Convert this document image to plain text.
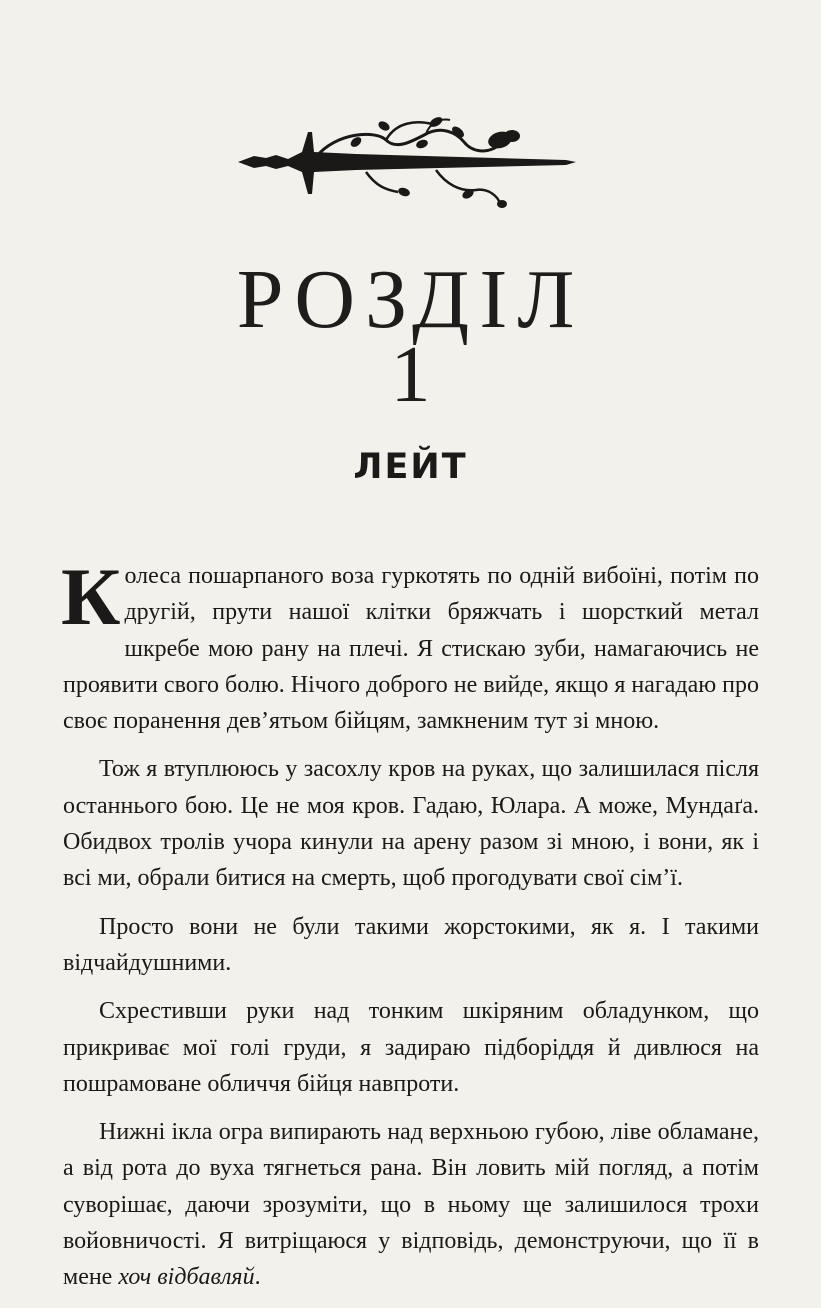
РОЗДІЛ
1
ЛЕЙТ

Колеса пошарпаного воза гуркотять по одній вибоїні, потім по другій, прути нашої клітки бряжчать і шорсткий метал шкребе мою рану на плечі. Я стискаю зуби, намагаючись не проявити свого болю. Нічого доброго не вийде, якщо я нагадаю про своє поранення дев’ятьом бійцям, замкненим тут зі мною.

Тож я втуплююсь у засохлу кров на руках, що залишилася після останнього бою. Це не моя кров. Гадаю, Юлара. А може, Мундаґа. Обидвох тролів учора кинули на арену разом зі мною, і вони, як і всі ми, обрали битися на смерть, щоб прогодувати свої сім’ї.

Просто вони не були такими жорстокими, як я. І такими відчайдушними.

Схрестивши руки над тонким шкіряним обладунком, що прикриває мої голі груди, я задираю підборіддя й дивлюся на пошрамоване обличчя бійця навпроти.

Нижні ікла огра випирають над верхньою губою, ліве обламане, а від рота до вуха тягнеться рана. Він ловить мій погляд, а потім суворішає, даючи зрозуміти, що в ньому ще залишилося трохи войовничості. Я витріщаюся у відповідь, демонструючи, що її в мене хоч відбавляй.
